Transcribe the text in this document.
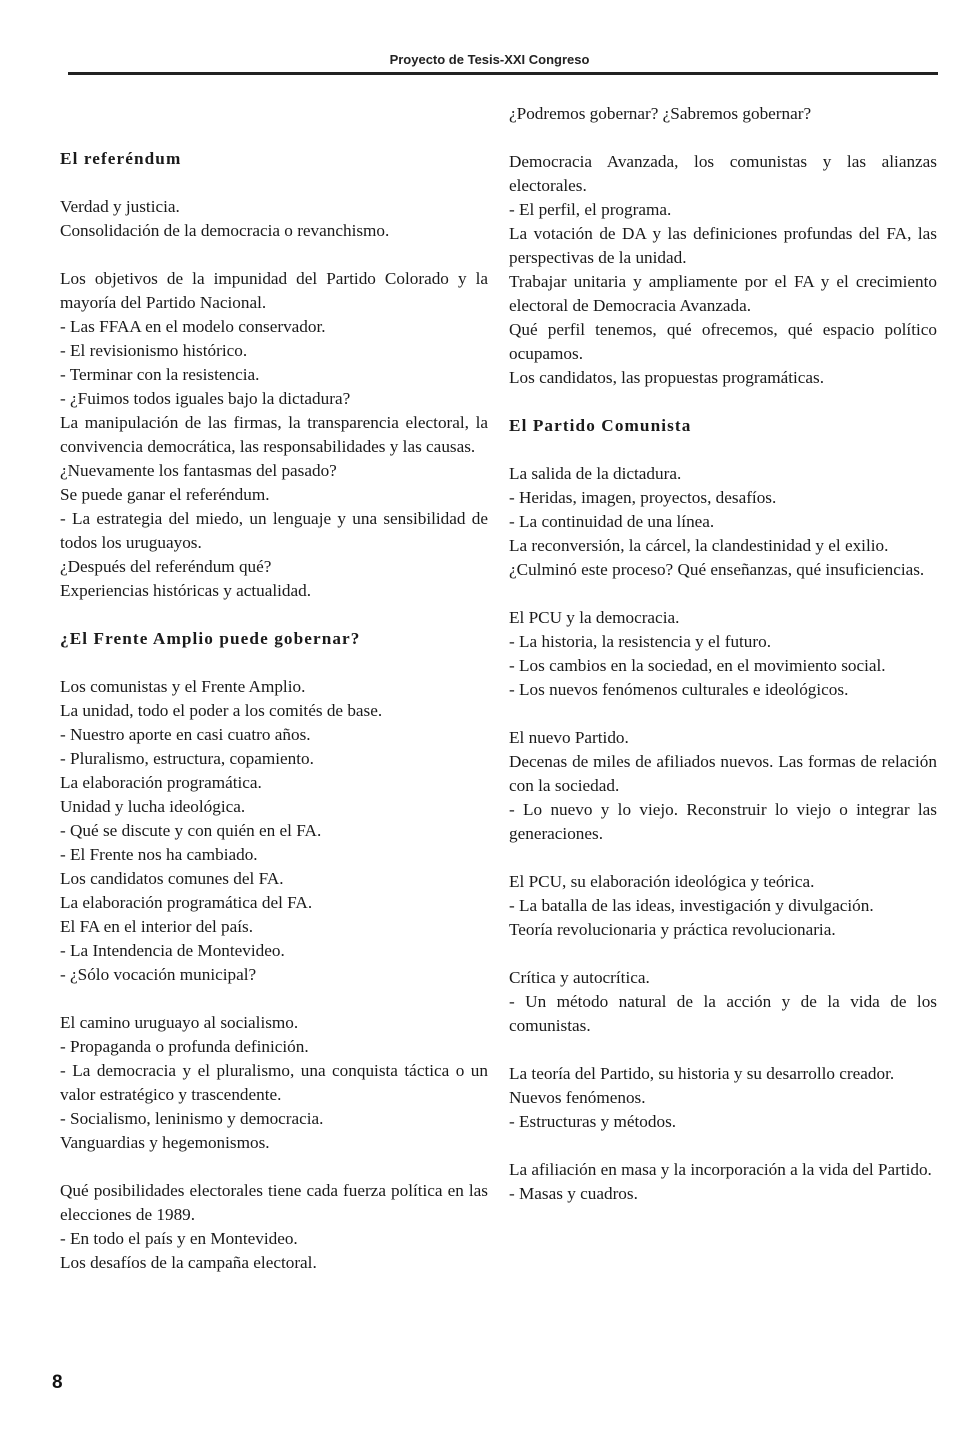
Proyecto de Tesis-XXI Congreso
El referéndum

Verdad y justicia.

Consolidación de la democracia o revanchismo.

Los objetivos de la impunidad del Partido Colorado y la mayoría del Partido Nacional.

- Las FFAA en el modelo conservador.

- El revisionismo histórico.

- Terminar con la resistencia.

- ¿Fuimos todos iguales bajo la dictadura?

La manipulación de las firmas, la transparencia electoral, la convivencia democrática, las responsabilidades y las causas.

¿Nuevamente los fantasmas del pasado?

Se puede ganar el referéndum.

- La estrategia del miedo, un lenguaje y una sensibilidad de todos los uruguayos.

¿Después del referéndum qué?

Experiencias históricas y actualidad.

¿El Frente Amplio puede gobernar?

Los comunistas y el Frente Amplio.

La unidad, todo el poder a los comités de base.

- Nuestro aporte en casi cuatro años.

- Pluralismo, estructura, copamiento.

La elaboración programática.

Unidad y lucha ideológica.

- Qué se discute y con quién en el FA.

- El Frente nos ha cambiado.

Los candidatos comunes del FA.

La elaboración programática del FA.

El FA en el interior del país.

- La Intendencia de Montevideo.

- ¿Sólo vocación municipal?

El camino uruguayo al socialismo.

- Propaganda o profunda definición.

- La democracia y el pluralismo, una conquista táctica o un valor estratégico y trascendente.

- Socialismo, leninismo y democracia.

Vanguardias y hegemonismos.

Qué posibilidades electorales tiene cada fuerza política en las elecciones de 1989.

- En todo el país y en Montevideo.

Los desafíos de la campaña electoral.

¿Podremos gobernar? ¿Sabremos gobernar?

Democracia Avanzada, los comunistas y las alianzas electorales.

- El perfil, el programa.

La votación de DA y las definiciones profundas del FA, las perspectivas de la unidad.

Trabajar unitaria y ampliamente por el FA y el crecimiento electoral de Democracia Avanzada.

Qué perfil tenemos, qué ofrecemos, qué espacio político ocupamos.

Los candidatos, las propuestas programáticas.

El Partido Comunista

La salida de la dictadura.

- Heridas, imagen, proyectos, desafíos.

- La continuidad de una línea.

La reconversión, la cárcel, la clandestinidad y el exilio.

¿Culminó este proceso? Qué enseñanzas, qué insuficiencias.

El PCU y la democracia.

- La historia, la resistencia y el futuro.

- Los cambios en la sociedad, en el movimiento social.

- Los nuevos fenómenos culturales e ideológicos.

El nuevo Partido.

Decenas de miles de afiliados nuevos. Las formas de relación con la sociedad.

- Lo nuevo y lo viejo. Reconstruir lo viejo o integrar las generaciones.

El PCU, su elaboración ideológica y teórica.

- La batalla de las ideas, investigación y divulgación.

Teoría revolucionaria y práctica revolucionaria.

Crítica y autocrítica.

- Un método natural de la acción y de la vida de los comunistas.

La teoría del Partido, su historia y su desarrollo creador.

Nuevos fenómenos.

- Estructuras y métodos.

La afiliación en masa y la incorporación a la vida del Partido.

- Masas y cuadros.

8
